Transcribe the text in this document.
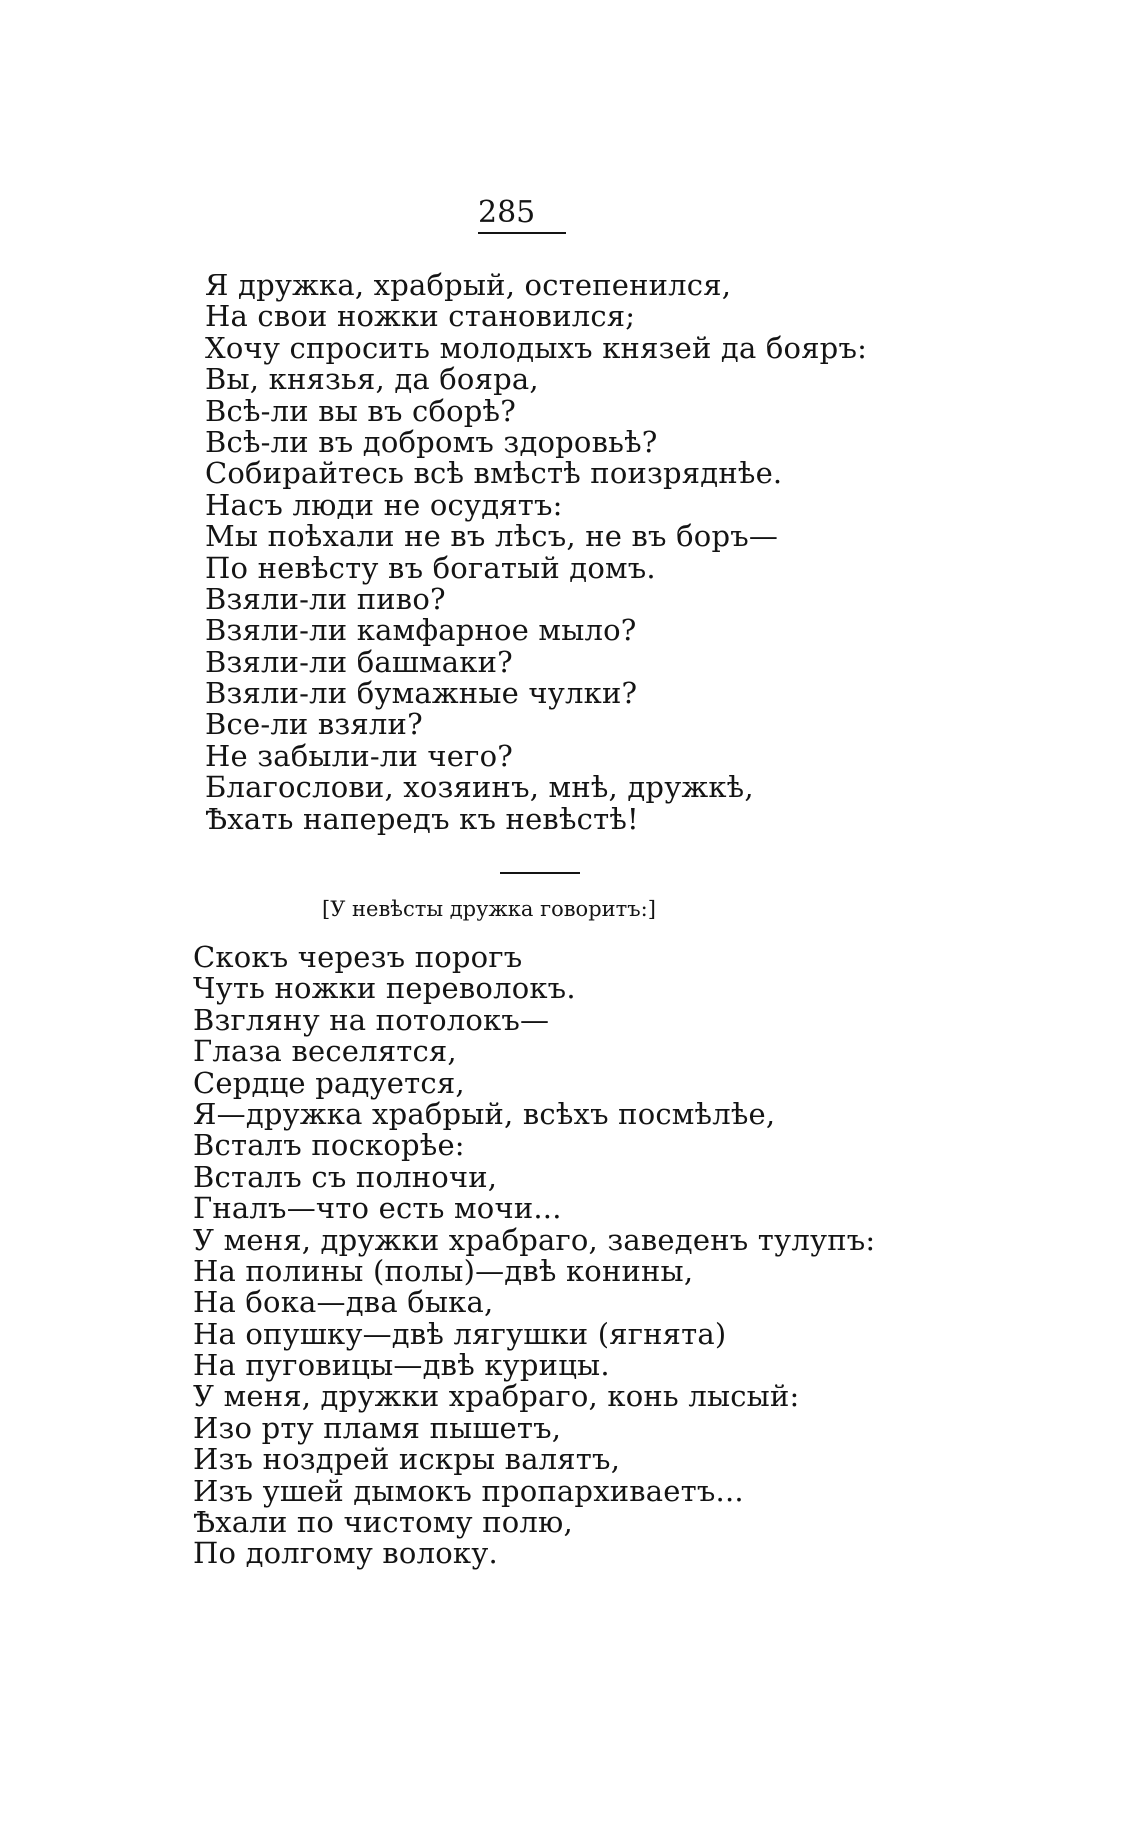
285
Я дружка, храбрый, остепенился,
На свои ножки становился;
Хочу спросить молодыхъ князей да бояръ:
Вы, князья, да бояра,
Всѣ-ли вы въ сборѣ?
Всѣ-ли въ добромъ здоровьѣ?
Собирайтесь всѣ вмѣстѣ поизряднѣе.
Насъ люди не осудятъ:
Мы поѣхали не въ лѣсъ, не въ боръ—
По невѣсту въ богатый домъ.
Взяли-ли пиво?
Взяли-ли камфарное мыло?
Взяли-ли башмаки?
Взяли-ли бумажные чулки?
Все-ли взяли?
Не забыли-ли чего?
Благослови, хозяинъ, мнѣ, дружкѣ,
Ѣхать напередъ къ невѣстѣ!
[У невѣсты дружка говоритъ:]
Скокъ черезъ порогъ
Чуть ножки переволокъ.
Взгляну на потолокъ—
Глаза веселятся,
Сердце радуется,
Я—дружка храбрый, всѣхъ посмѣлѣе,
Всталъ поскорѣе:
Всталъ съ полночи,
Гналъ—что есть мочи...
У меня, дружки храбраго, заведенъ тулупъ:
На полины (полы)—двѣ конины,
На бока—два быка,
На опушку—двѣ лягушки (ягнята)
На пуговицы—двѣ курицы.
У меня, дружки храбраго, конь лысый:
Изо рту пламя пышетъ,
Изъ ноздрей искры валятъ,
Изъ ушей дымокъ пропархиваетъ...
Ѣхали по чистому полю,
По долгому волоку.
